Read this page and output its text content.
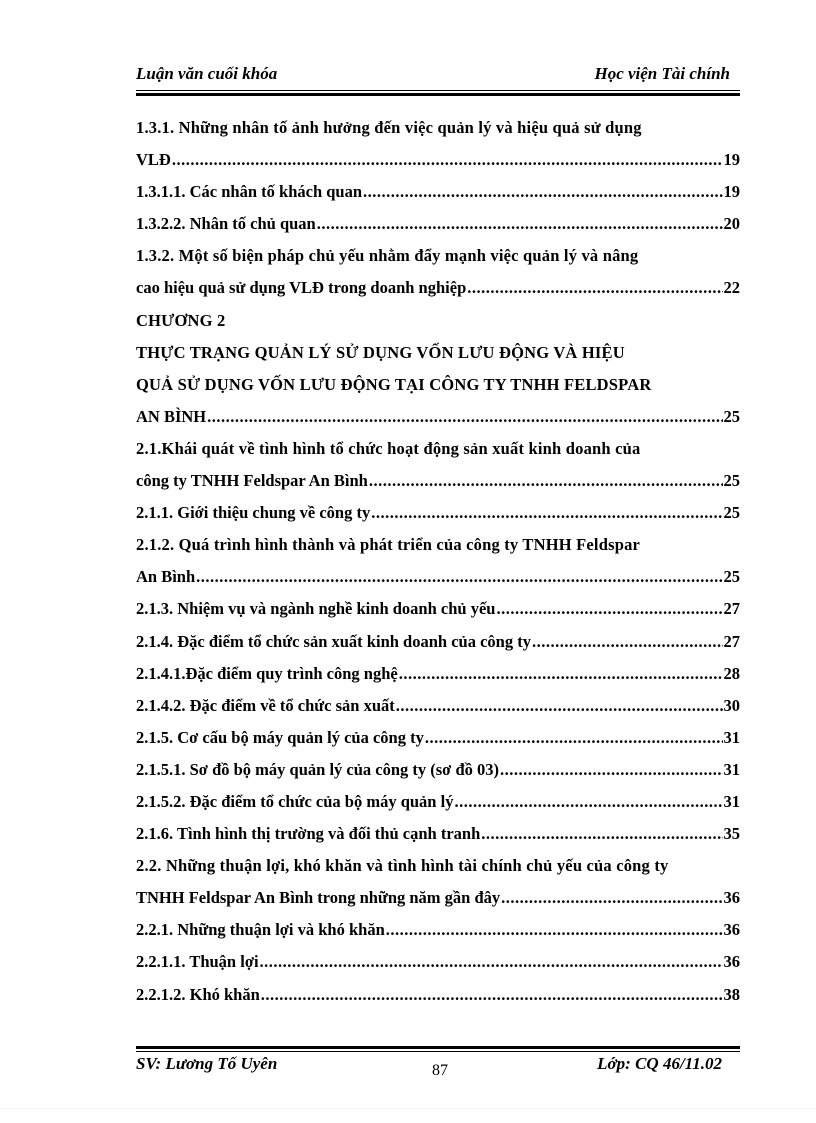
Luận văn cuối khóa	Học viện Tài chính
1.3.1. Những nhân tố ảnh hưởng đến việc quản lý và hiệu quả sử dụng
VLĐ .....	19
1.3.1.1. Các nhân tố khách quan .....	19
1.3.2.2. Nhân tố chủ quan .....	20
1.3.2. Một số biện pháp chủ yếu nhằm đẩy mạnh việc quản lý và nâng
cao hiệu quả sử dụng VLĐ trong doanh nghiệp .....	22
CHƯƠNG 2
THỰC TRẠNG QUẢN LÝ SỬ DỤNG VỐN LƯU ĐỘNG VÀ HIỆU
QUẢ SỬ DỤNG VỐN LƯU ĐỘNG TẠI CÔNG TY TNHH FELDSPAR
AN BÌNH .....	25
2.1.Khái quát về tình hình tổ chức hoạt động sản xuất kinh doanh của
công ty TNHH Feldspar An Bình .....	25
2.1.1. Giới thiệu chung về công ty .....	25
2.1.2. Quá trình hình thành và phát triển của công ty TNHH Feldspar
An Bình .....	25
2.1.3. Nhiệm vụ và ngành nghề kinh doanh chủ yếu .....	27
2.1.4. Đặc điểm tổ chức sản xuất kinh doanh của công ty .....	27
2.1.4.1.Đặc điểm quy trình công nghệ .....	28
2.1.4.2. Đặc điểm về tổ chức sản xuất .....	30
2.1.5. Cơ cấu bộ máy quản lý của công ty .....	31
2.1.5.1. Sơ đồ bộ máy quản lý của công ty (sơ đồ 03) .....	31
2.1.5.2. Đặc điểm tổ chức của bộ máy quản lý .....	31
2.1.6. Tình hình thị trường và đối thủ cạnh tranh .....	35
2.2. Những thuận lợi, khó khăn và tình hình tài chính chủ yếu của công ty
TNHH Feldspar An Bình trong những năm gần đây .....	36
2.2.1. Những thuận lợi và khó khăn .....	36
2.2.1.1. Thuận lợi .....	36
2.2.1.2. Khó khăn .....	38
SV: Lương Tố Uyên	Lớp: CQ 46/11.02
87
